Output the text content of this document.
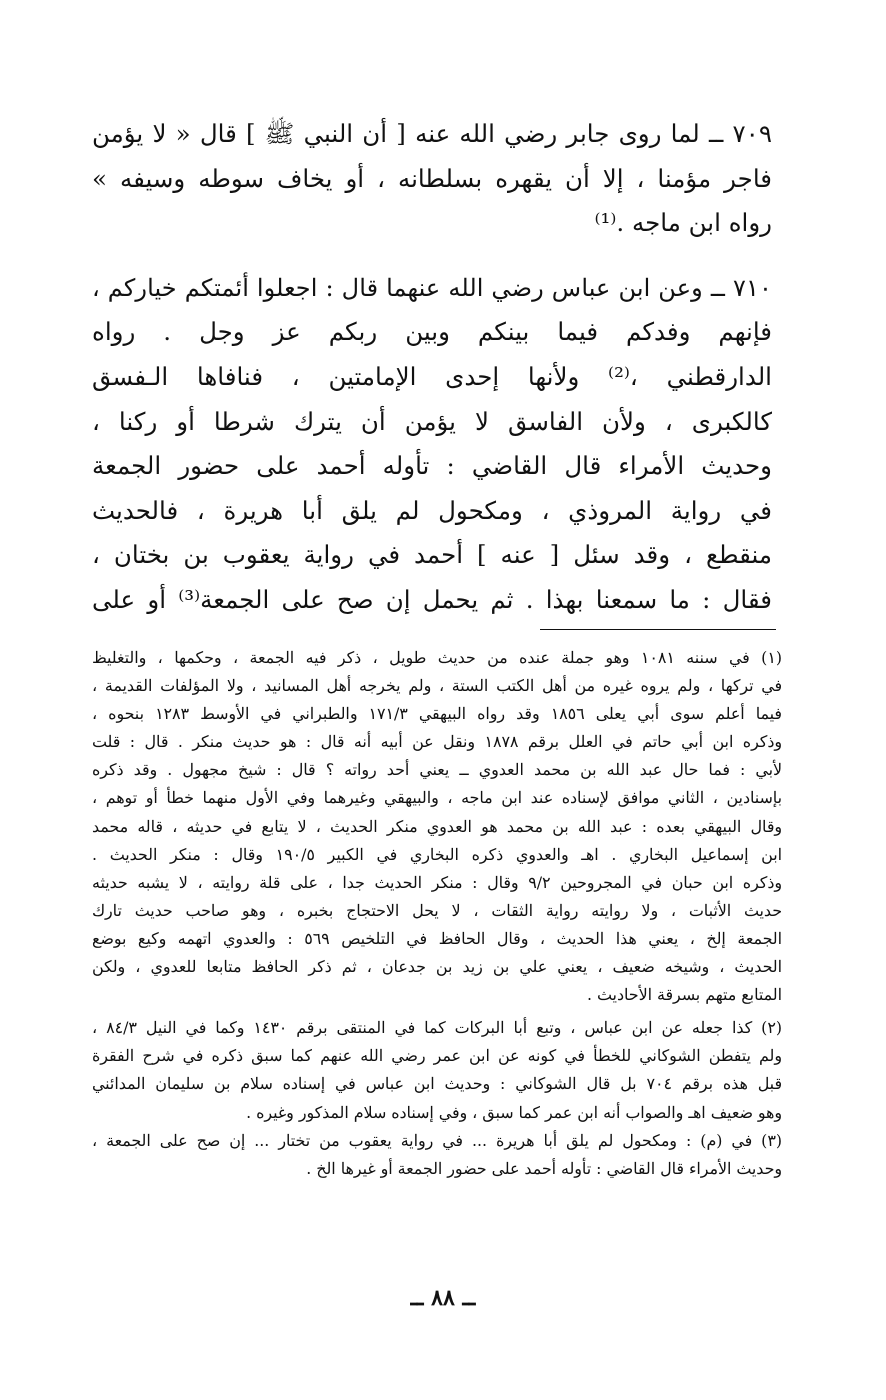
٧٠٩ ــ لما روى جابر رضي الله عنه [ أن النبي ﷺ ] قال « لا يؤمن
فاجر مؤمنا ، إلا أن يقهره بسلطانه ، أو يخاف سوطه وسيفه »
رواه ابن ماجه .⁽¹⁾
٧١٠ ــ وعن ابن عباس رضي الله عنهما قال : اجعلوا أئمتكم خياركم ،
فإنهم وفدكم فيما بينكم وبين ربكم عز وجل . رواه
الدارقطني ،⁽²⁾ ولأنها إحدى الإمامتين ، فنافاها الـفسق
كالكبرى ، ولأن الفاسق لا يؤمن أن يترك شرطا أو ركنا ،
وحديث الأمراء قال القاضي : تأوله أحمد على حضور الجمعة
في رواية المروذي ، ومكحول لم يلق أبا هريرة ، فالحديث
منقطع ، وقد سئل [ عنه ] أحمد في رواية يعقوب بن بختان ،
فقال : ما سمعنا بهذا . ثم يحمل إن صح على الجمعة⁽³⁾ أو على
(١) في سننه ١٠٨١ وهو جملة عنده من حديث طويل ، ذكر فيه الجمعة ، وحكمها ، والتغليظ
في تركها ، ولم يروه غيره من أهل الكتب الستة ، ولم يخرجه أهل المسانيد ، ولا المؤلفات القديمة ،
فيما أعلم سوى أبي يعلى ١٨٥٦ وقد رواه البيهقي ١٧١/٣ والطبراني في الأوسط ١٢٨٣ بنحوه ،
وذكره ابن أبي حاتم في العلل برقم ١٨٧٨ ونقل عن أبيه أنه قال : هو حديث منكر . قال : قلت
لأبي : فما حال عبد الله بن محمد العدوي ــ يعني أحد رواته ؟ قال : شيخ مجهول . وقد ذكره
بإسنادين ، الثاني موافق لإسناده عند ابن ماجه ، والبيهقي وغيرهما وفي الأول منهما خطأ أو توهم ،
وقال البيهقي بعده : عبد الله بن محمد هو العدوي منكر الحديث ، لا يتابع في حديثه ، قاله محمد
ابن إسماعيل البخاري . اهـ والعدوي ذكره البخاري في الكبير ١٩٠/٥ وقال : منكر الحديث .
وذكره ابن حبان في المجروحين ٩/٢ وقال : منكر الحديث جدا ، على قلة روايته ، لا يشبه حديثه
حديث الأثبات ، ولا روايته رواية الثقات ، لا يحل الاحتجاج بخبره ، وهو صاحب حديث تارك
الجمعة إلخ ، يعني هذا الحديث ، وقال الحافظ في التلخيص ٥٦٩ : والعدوي اتهمه وكيع بوضع
الحديث ، وشيخه ضعيف ، يعني علي بن زيد بن جدعان ، ثم ذكر الحافظ متابعا للعدوي ، ولكن
المتابع متهم بسرقة الأحاديث .
(٢) كذا جعله عن ابن عباس ، وتبع أبا البركات كما في المنتقى برقم ١٤٣٠ وكما في النيل ٨٤/٣ ،
ولم يتفطن الشوكاني للخطأ في كونه عن ابن عمر رضي الله عنهم كما سبق ذكره في شرح الفقرة
قبل هذه برقم ٧٠٤ بل قال الشوكاني : وحديث ابن عباس في إسناده سلام بن سليمان المدائني
وهو ضعيف اهـ والصواب أنه ابن عمر كما سبق ، وفي إسناده سلام المذكور وغيره .
(٣) في (م) : ومكحول لم يلق أبا هريرة ... في رواية يعقوب من تختار ... إن صح على الجمعة ،
وحديث الأمراء قال القاضي : تأوله أحمد على حضور الجمعة أو غيرها الخ .
ــ ٨٨ ــ
